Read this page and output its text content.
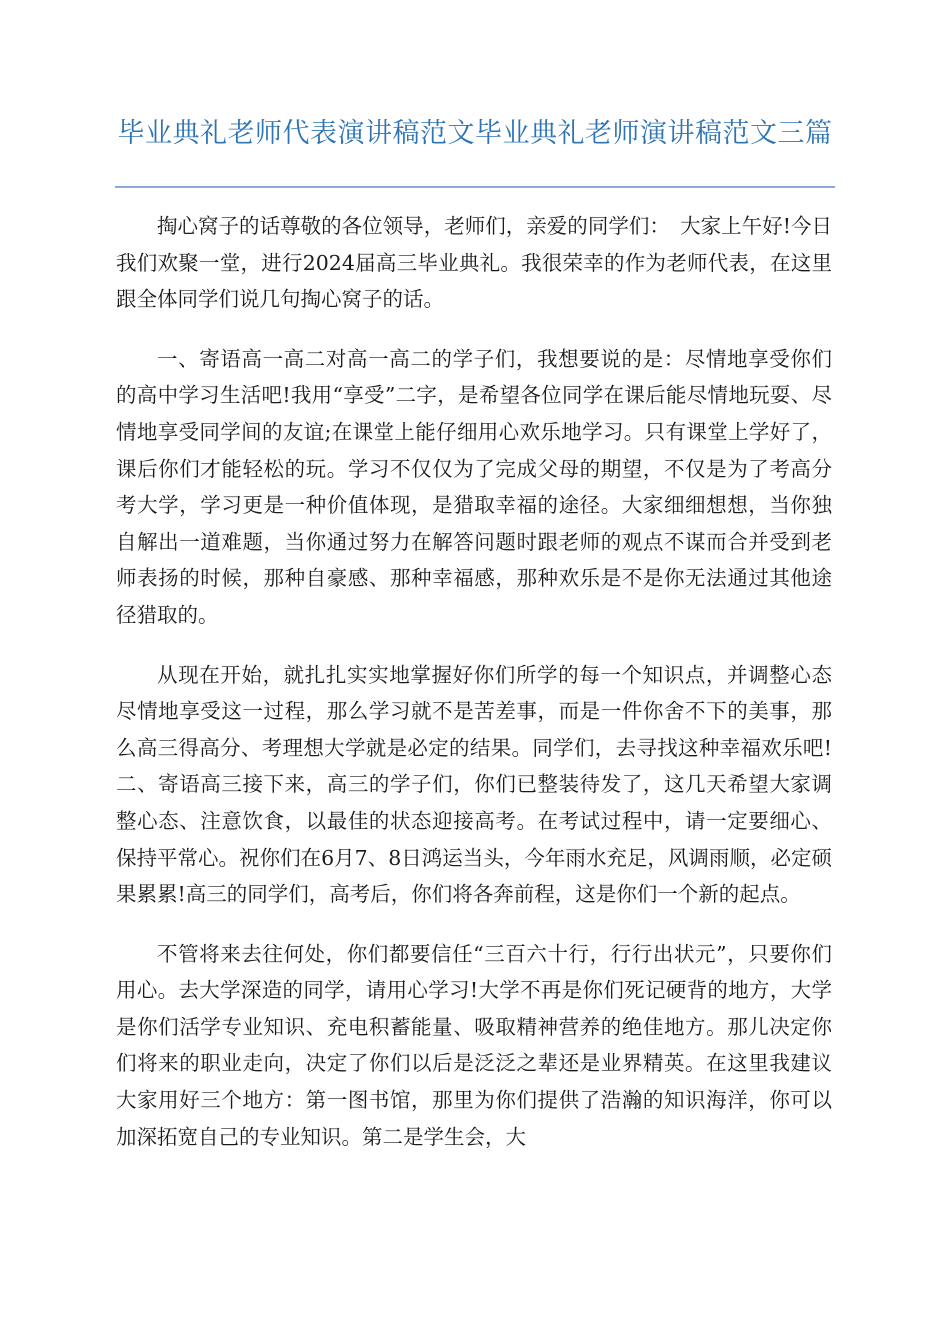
毕业典礼老师代表演讲稿范文毕业典礼老师演讲稿范文三篇

掏心窝子的话尊敬的各位领导，老师们，亲爱的同学们：　大家上午好!今日我们欢聚一堂，进行2024届高三毕业典礼。我很荣幸的作为老师代表，在这里跟全体同学们说几句掏心窝子的话。

一、寄语高一高二对高一高二的学子们，我想要说的是：尽情地享受你们的高中学习生活吧!我用“享受”二字，是希望各位同学在课后能尽情地玩耍、尽情地享受同学间的友谊;在课堂上能仔细用心欢乐地学习。只有课堂上学好了，课后你们才能轻松的玩。学习不仅仅为了完成父母的期望，不仅是为了考高分考大学，学习更是一种价值体现，是猎取幸福的途径。大家细细想想，当你独自解出一道难题，当你通过努力在解答问题时跟老师的观点不谋而合并受到老师表扬的时候，那种自豪感、那种幸福感，那种欢乐是不是你无法通过其他途径猎取的。

从现在开始，就扎扎实实地掌握好你们所学的每一个知识点，并调整心态尽情地享受这一过程，那么学习就不是苦差事，而是一件你舍不下的美事，那么高三得高分、考理想大学就是必定的结果。同学们，去寻找这种幸福欢乐吧!二、寄语高三接下来，高三的学子们，你们已整装待发了，这几天希望大家调整心态、注意饮食，以最佳的状态迎接高考。在考试过程中，请一定要细心、保持平常心。祝你们在6月7、8日鸿运当头，今年雨水充足，风调雨顺，必定硕果累累!高三的同学们，高考后，你们将各奔前程，这是你们一个新的起点。

不管将来去往何处，你们都要信任“三百六十行，行行出状元”，只要你们用心。去大学深造的同学，请用心学习!大学不再是你们死记硬背的地方，大学是你们活学专业知识、充电积蓄能量、吸取精神营养的绝佳地方。那儿决定你们将来的职业走向，决定了你们以后是泛泛之辈还是业界精英。在这里我建议大家用好三个地方：第一图书馆，那里为你们提供了浩瀚的知识海洋，你可以加深拓宽自己的专业知识。第二是学生会，大
